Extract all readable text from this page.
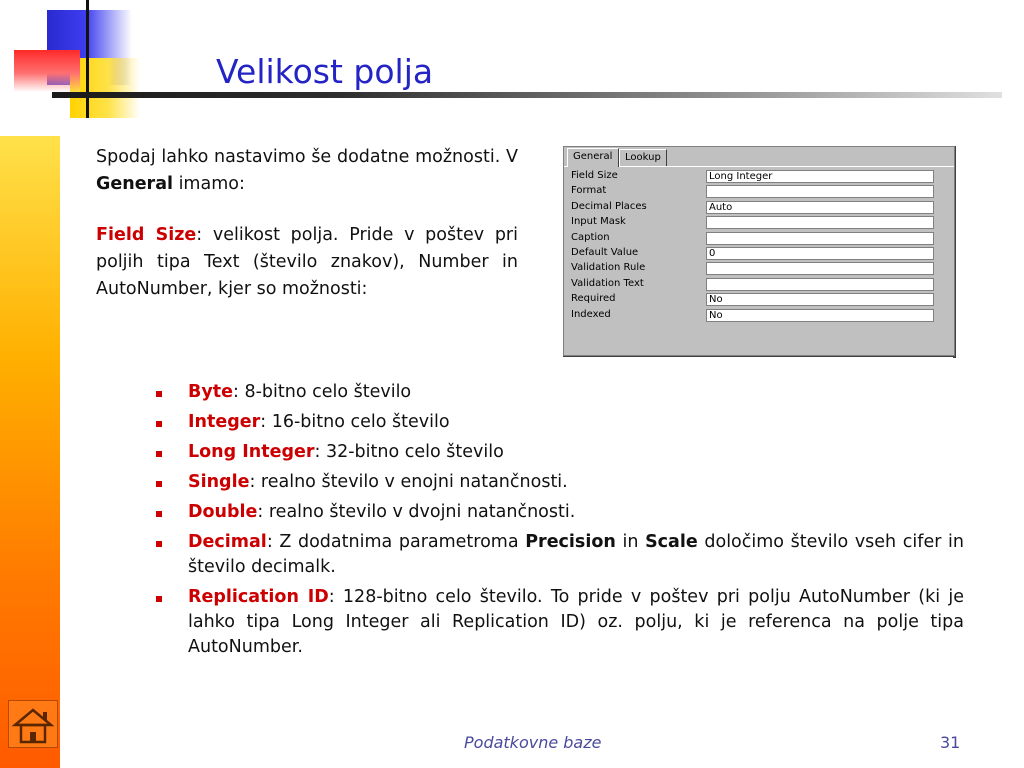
Velikost polja

Spodaj lahko nastavimo še dodatne možnosti. V General imamo:

Field Size: velikost polja. Pride v poštev pri poljih tipa Text (število znakov), Number in AutoNumber, kjer so možnosti:

Byte: 8-bitno celo število
Integer: 16-bitno celo število
Long Integer: 32-bitno celo število
Single: realno število v enojni natančnosti.
Double: realno število v dvojni natančnosti.
Decimal: Z dodatnima parametroma Precision in Scale določimo število vseh cifer in število decimalk.
Replication ID: 128-bitno celo število. To pride v poštev pri polju AutoNumber (ki je lahko tipa Long Integer ali Replication ID) oz. polju, ki je referenca na polje tipa AutoNumber.
General	Lookup
Field Size	Long Integer
Format
Decimal Places	Auto
Input Mask
Caption
Default Value	0
Validation Rule
Validation Text
Required	No
Indexed	No
Podatkovne baze	31
